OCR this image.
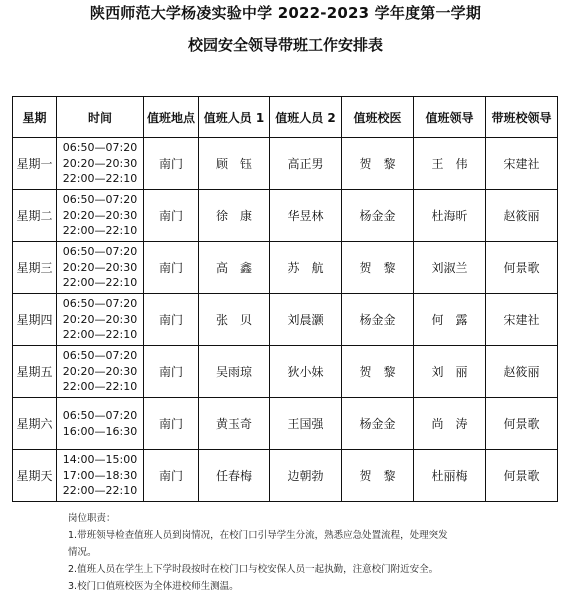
陕西师范大学杨凌实验中学 2022-2023 学年度第一学期
校园安全领导带班工作安排表
星期	时间	值班地点	值班人员 1	值班人员 2	值班校医	值班领导	带班校领导
星期一	06:50—07:20
20:20—20:30
22:00—22:10	南门	顾　钰	高正男	贺　黎	王　伟	宋建社
星期二	06:50—07:20
20:20—20:30
22:00—22:10	南门	徐　康	华昱林	杨金金	杜海昕	赵筱丽
星期三	06:50—07:20
20:20—20:30
22:00—22:10	南门	高　鑫	苏　航	贺　黎	刘淑兰	何景歌
星期四	06:50—07:20
20:20—20:30
22:00—22:10	南门	张　贝	刘晨灏	杨金金	何　露	宋建社
星期五	06:50—07:20
20:20—20:30
22:00—22:10	南门	吴雨琼	狄小妹	贺　黎	刘　丽	赵筱丽
星期六	06:50—07:20
16:00—16:30	南门	黄玉奇	王国强	杨金金	尚　涛	何景歌
星期天	14:00—15:00
17:00—18:30
22:00—22:10	南门	任春梅	边朝勃	贺　黎	杜丽梅	何景歌
岗位职责：
1.带班领导检查值班人员到岗情况，在校门口引导学生分流，熟悉应急处置流程，处理突发
情况。
2.值班人员在学生上下学时段按时在校门口与校安保人员一起执勤，注意校门附近安全。
3.校门口值班校医为全体进校师生测温。
